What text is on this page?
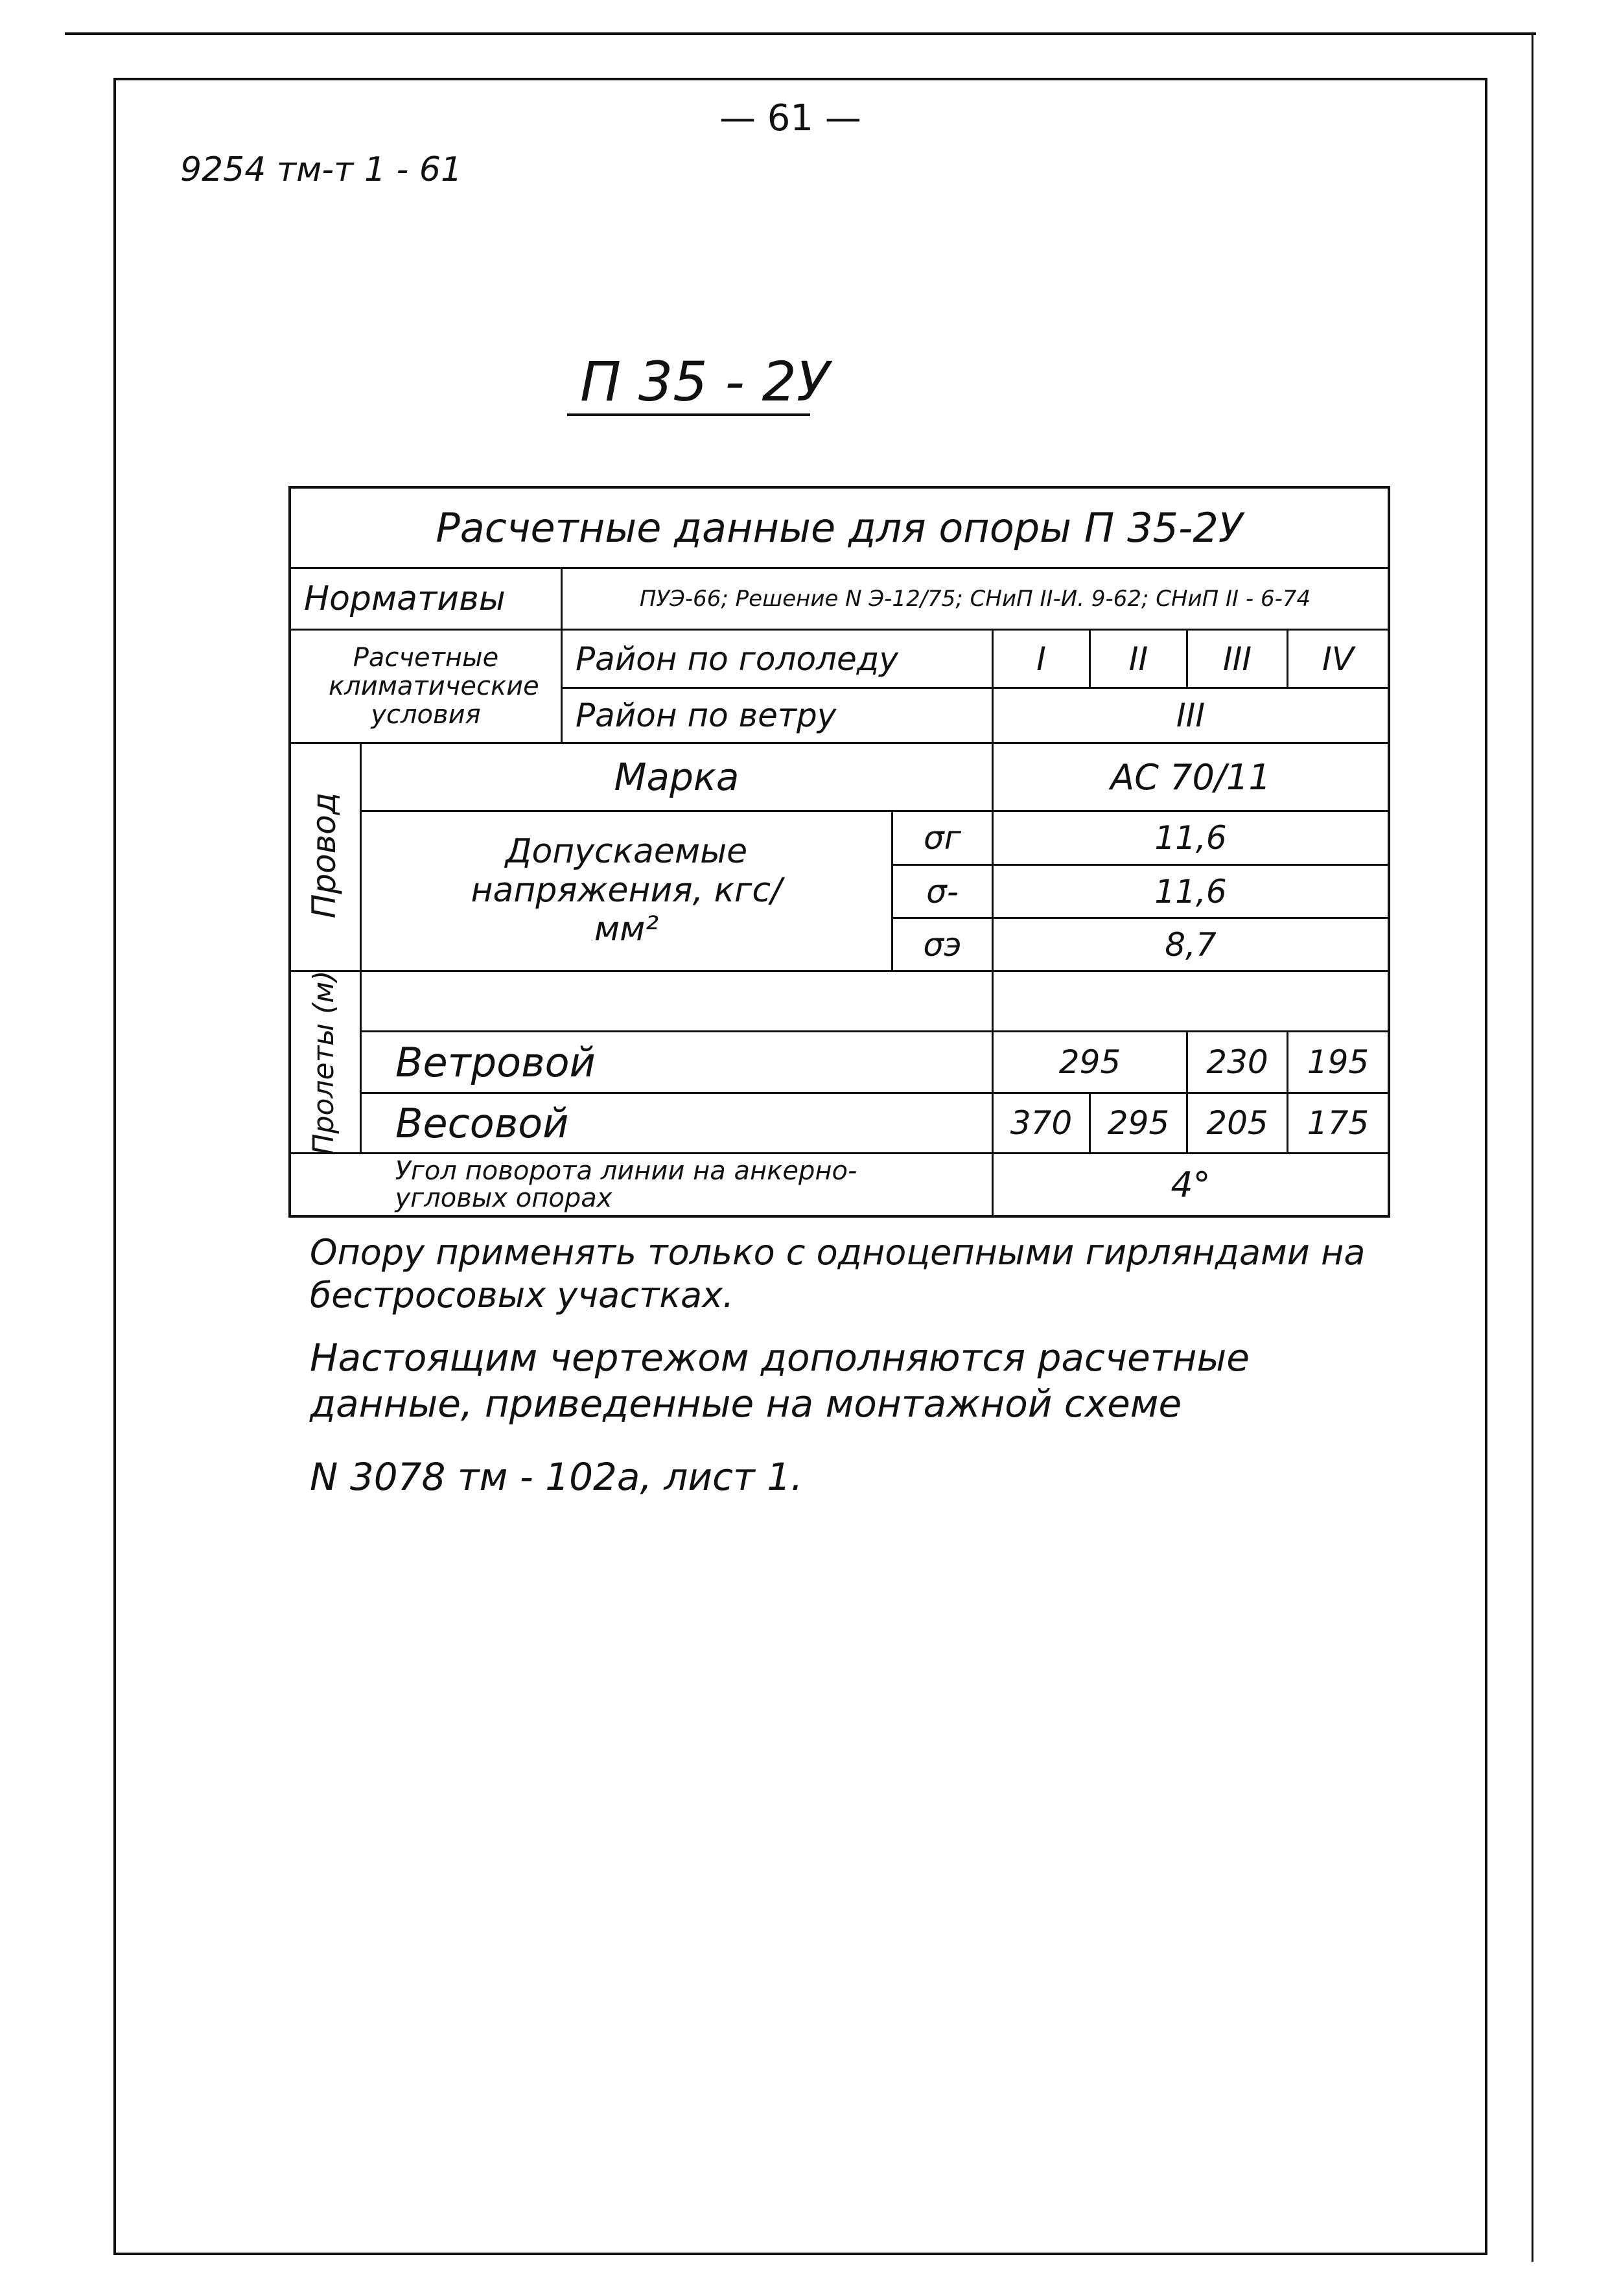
— 61 —
9254 тм-т 1 - 61
П 35 - 2У
Расчетные данные для опоры П 35-2У
Нормативы	ПУЭ-66; Решение N Э-12/75; СНиП II-И. 9-62; СНиП II - 6-74
Расчетные климатические условия
Район по гололеду	I	II	III	IV
Район по ветру	III
Провод
Марка	АС 70/11
Допускаемые напряжения, кгс/мм²
σг	11,6
σ-	11,6
σэ	8,7
Пролеты (м)	Ветровой	295	230	195
Весовой	370	295	205	175
Угол поворота линии на анкерно- угловых опорах	4°
Опору применять только с одноцепными гирляндами на бестросовых участках.
Настоящим чертежом дополняются расчетные данные, приведенные на монтажной схеме
N 3078 тм - 102а, лист 1.
